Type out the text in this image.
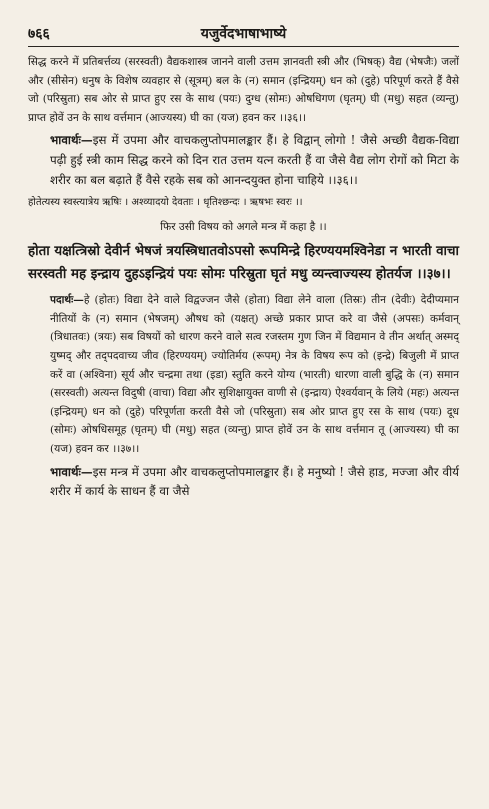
७६६	यजुर्वेदभाषाभाष्ये

सिद्ध करने में प्रतिबर्त्तव्य (सरस्वती) वैद्यकशास्त्र जानने वाली उत्तम ज्ञानवती स्त्री और (भिषक्) वैद्य (भेषजैः) जलों और (सीसेन) धनुष के विशेष व्यवहार से (सूत्रम्) बल के (न) समान (इन्द्रियम्) धन को (दुहे) परिपूर्ण करते हैं वैसे जो (परिस्रुता) सब ओर से प्राप्त हुए रस के साथ (पयः) दुग्ध (सोमः) ओषधिगण (घृतम्) घी (मधु) सहत (व्यन्तु) प्राप्त होवें उन के साथ वर्त्तमान (आज्यस्य) घी का (यज) हवन कर ।।३६।।

भावार्थः—इस में उपमा और वाचकलुप्तोपमालङ्कार हैं। हे विद्वान् लोगो ! जैसे अच्छी वैद्यक-विद्या पढ़ी हुई स्त्री काम सिद्ध करने को दिन रात उत्तम यत्न करती हैं वा जैसे वैद्य लोग रोगों को मिटा के शरीर का बल बढ़ाते हैं वैसे रहके सब को आनन्दयुक्त होना चाहिये ।।३६।।

होतेत्यस्य स्वस्त्यात्रेय ऋषिः । अश्व्यादयो देवताः । धृतिश्छन्दः । ऋषभः स्वरः ।।

फिर उसी विषय को अगले मन्त्र में कहा है ।।

होता यक्षत्त्रिस्रो देवीर्न भेषजं त्रयस्त्रिधातवोऽपसो रूपमिन्द्रे हिरण्ययमश्विनेडा न भारती वाचा सरस्वती मह इन्द्राय दुहऽइन्द्रियं पयः सोमः परिस्रुता घृतं मधु व्यन्त्वाज्यस्य होतर्यज ।।३७।।

पदार्थः—हे (होतः) विद्या देने वाले विद्वज्जन जैसे (होता) विद्या लेने वाला (तिस्रः) तीन (देवीः) देदीप्यमान नीतियों के (न) समान (भेषजम्) औषध को (यक्षत्) अच्छे प्रकार प्राप्त करे वा जैसे (अपसः) कर्मवान् (त्रिधातवः) (त्रयः) सब विषयों को धारण करने वाले सत्व रजस्तम गुण जिन में विद्यमान वे तीन अर्थात् अस्मद् युष्मद् और तद्पदवाच्य जीव (हिरण्ययम्) ज्योतिर्मय (रूपम्) नेत्र के विषय रूप को (इन्द्रे) बिजुली में प्राप्त करें वा (अश्विना) सूर्य और चन्द्रमा तथा (इडा) स्तुति करने योग्य (भारती) धारणा वाली बुद्धि के (न) समान (सरस्वती) अत्यन्त विदुषी (वाचा) विद्या और सुशिक्षायुक्त वाणी से (इन्द्राय) ऐश्वर्यवान् के लिये (महः) अत्यन्त (इन्द्रियम्) धन को (दुहे) परिपूर्णता करती वैसे जो (परिस्रुता) सब ओर प्राप्त हुए रस के साथ (पयः) दूध (सोमः) ओषधिसमूह (घृतम्) घी (मधु) सहत (व्यन्तु) प्राप्त होवें उन के साथ वर्त्तमान तू (आज्यस्य) घी का (यज) हवन कर ।।३७।।

भावार्थः—इस मन्त्र में उपमा और वाचकलुप्तोपमालङ्कार हैं। हे मनुष्यो ! जैसे हाड, मज्जा और वीर्य शरीर में कार्य के साधन हैं वा जैसे
